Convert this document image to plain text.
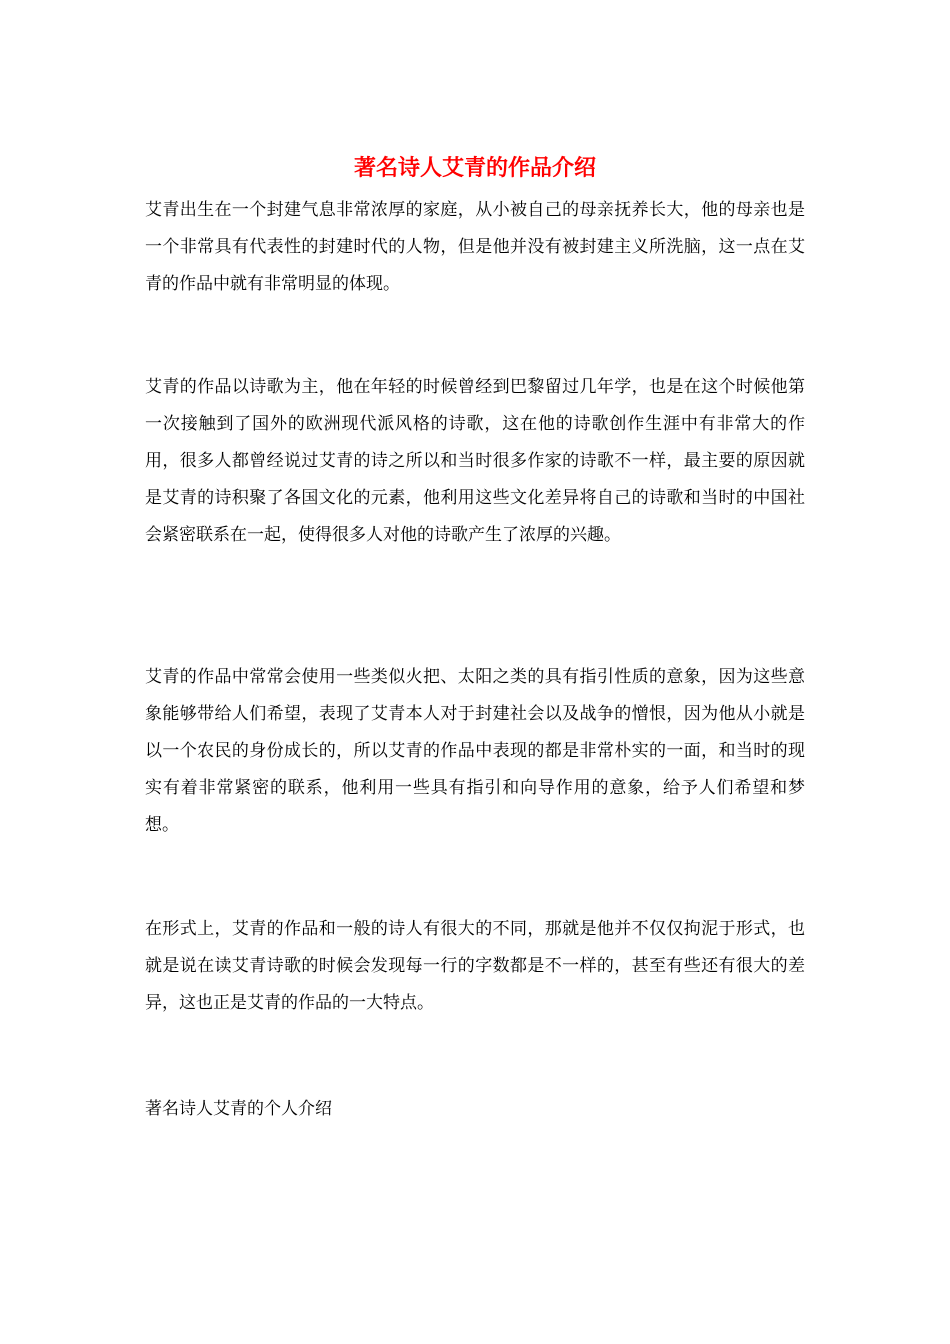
著名诗人艾青的作品介绍

艾青出生在一个封建气息非常浓厚的家庭，从小被自己的母亲抚养长大，他的母亲也是一个非常具有代表性的封建时代的人物，但是他并没有被封建主义所洗脑，这一点在艾青的作品中就有非常明显的体现。

艾青的作品以诗歌为主，他在年轻的时候曾经到巴黎留过几年学，也是在这个时候他第一次接触到了国外的欧洲现代派风格的诗歌，这在他的诗歌创作生涯中有非常大的作用，很多人都曾经说过艾青的诗之所以和当时很多作家的诗歌不一样，最主要的原因就是艾青的诗积聚了各国文化的元素，他利用这些文化差异将自己的诗歌和当时的中国社会紧密联系在一起，使得很多人对他的诗歌产生了浓厚的兴趣。

艾青的作品中常常会使用一些类似火把、太阳之类的具有指引性质的意象，因为这些意象能够带给人们希望，表现了艾青本人对于封建社会以及战争的憎恨，因为他从小就是以一个农民的身份成长的，所以艾青的作品中表现的都是非常朴实的一面，和当时的现实有着非常紧密的联系，他利用一些具有指引和向导作用的意象，给予人们希望和梦想。

在形式上，艾青的作品和一般的诗人有很大的不同，那就是他并不仅仅拘泥于形式，也就是说在读艾青诗歌的时候会发现每一行的字数都是不一样的，甚至有些还有很大的差异，这也正是艾青的作品的一大特点。

著名诗人艾青的个人介绍
